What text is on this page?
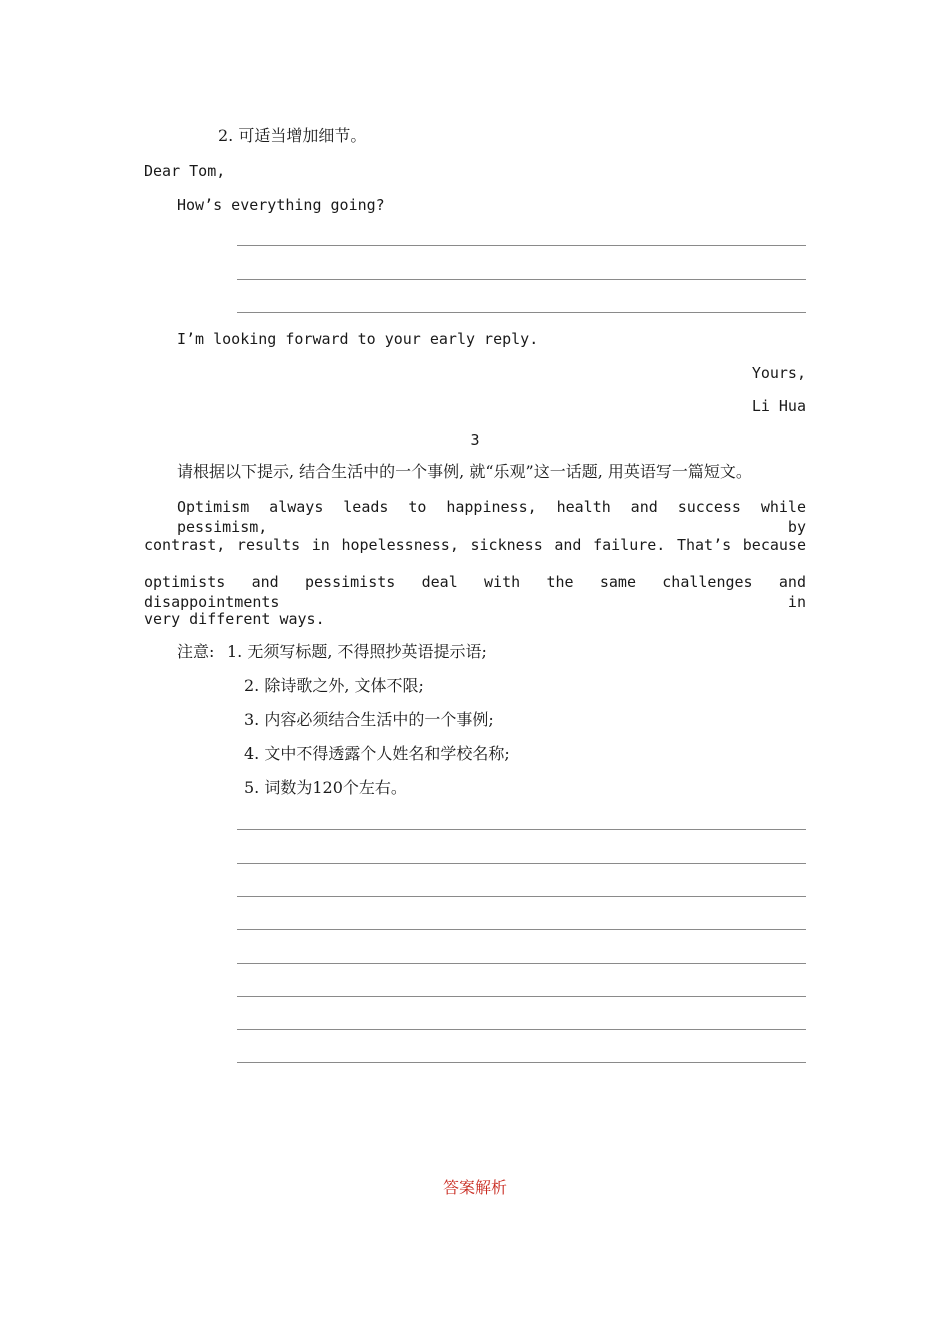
2. 可适当增加细节。
Dear Tom,
How’s everything going?
I’m looking forward to your early reply.
Yours,
Li Hua
3
请根据以下提示, 结合生活中的一个事例, 就“乐观”这一话题, 用英语写一篇短文。
Optimism always leads to happiness, health and success while pessimism, by
contrast, results in hopelessness, sickness and failure. That’s because
optimists and pessimists deal with the same challenges and disappointments in
very different ways.
注意: 1. 无须写标题, 不得照抄英语提示语;
2. 除诗歌之外, 文体不限;
3. 内容必须结合生活中的一个事例;
4. 文中不得透露个人姓名和学校名称;
5. 词数为120个左右。
答案解析
